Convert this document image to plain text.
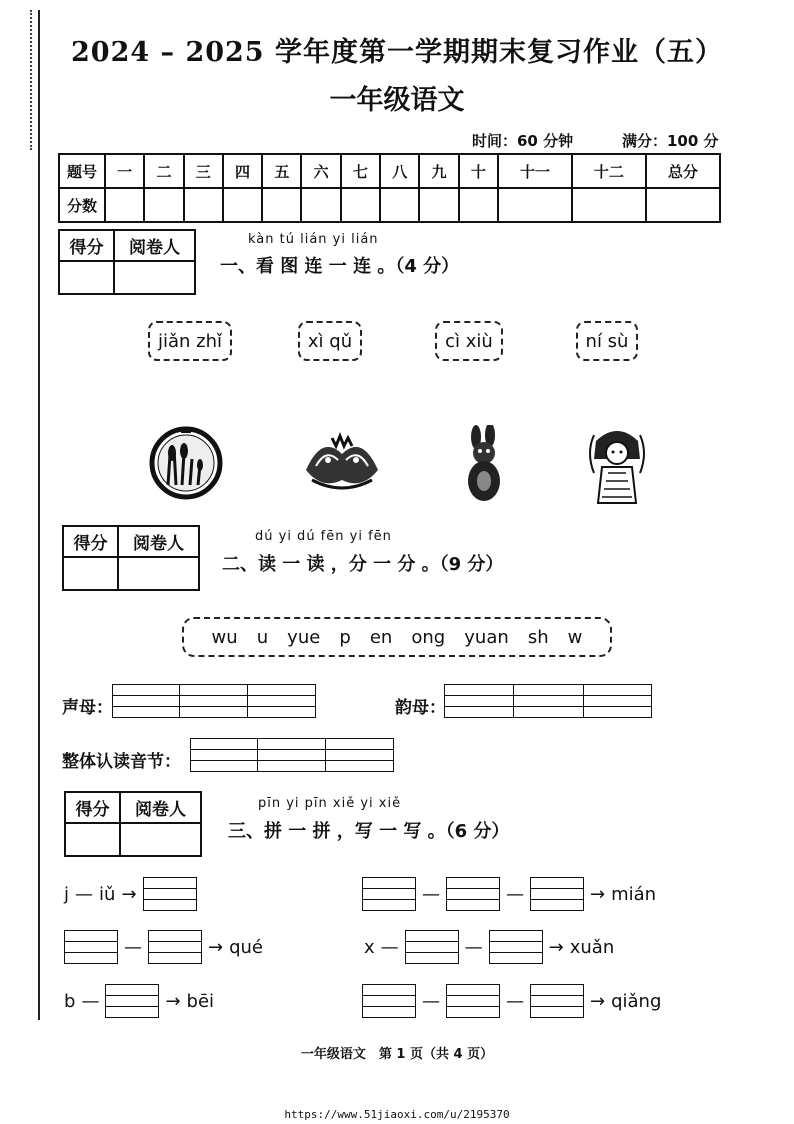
2024 – 2025 学年度第一学期期末复习作业（五）
一年级语文
时间：60 分钟	满分：100 分
题号	一	二	三	四	五	六	七	八	九	十	十一	十二	总分
分数													
得分	阅卷人
		kàn tú lián yi lián
一、看 图 连 一 连 。（4 分）
jiǎn zhǐ	xì qǔ	cì xiù	ní sù
得分	阅卷人
		dú yi dú fēn yi fēn
二、读 一 读 ，分 一 分 。（9 分）
wu u yue p en ong yuan sh w
声母：	韵母：
整体认读音节：
得分	阅卷人
		pīn yi pīn xiě yi xiě
三、拼 一 拼 ，写 一 写 。（6 分）
j — iǔ →	—	—	→ mián
—	→ qué	x —	—	→ xuǎn
b —	→ bēi	—	—	→ qiǎng
一年级语文　第 1 页（共 4 页）
https://www.51jiaoxi.com/u/2195370
